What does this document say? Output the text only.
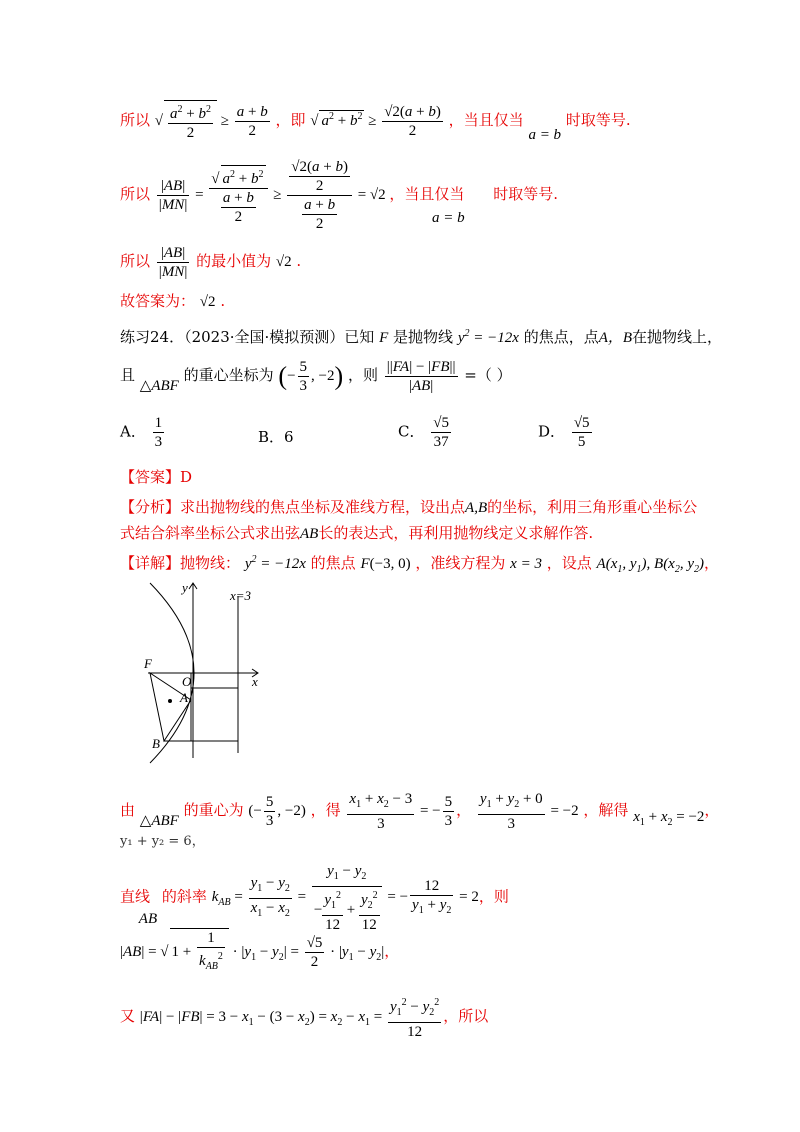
所以 √ $\frac{a^2 + b^2}{2} \ge \frac{a + b}{2}$ ，即 √ $a^2 + b^2 \ge \frac{√2(a + b)}{2}$ ，当且仅当 a = b 时取等号.
所以 $\frac{|AB|}{|MN|} = \frac{√ a^2 + b^2}{\frac{a + b}{2}} \ge \frac{\frac{√2(a + b)}{2}}{\frac{a + b}{2}} = √2$ ，当且仅当 时取等号.
a = b
所以 $\frac{|AB|}{|MN|}$ 的最小值为 √2 .
故答案为： √2 .
练习24．（2023·全国·模拟预测）已知 F 是抛物线 $y^2 = -12x$ 的焦点，点A，B在抛物线上，
且 △ABF 的重心坐标为 (− $\frac{5}{3}$ , −2) ，则 $\frac{||FA| - |FB||}{|AB|}$ =（ ）
A． $\frac{1}{3}$	B．6	C． $\frac{√5}{37}$	D． $\frac{√5}{5}$
【答案】D
【分析】求出抛物线的焦点坐标及准线方程，设出点A,B的坐标，利用三角形重心坐标公
式结合斜率坐标公式求出弦AB长的表达式，再利用抛物线定义求解作答.
【详解】抛物线： $y^2 = -12x$ 的焦点 F(−3, 0) ，准线方程为 x = 3 ，设点 $A(x_1$, $y_1$), $B(x_2$, $y_2$)，
y
x
x=3
F
O
A
B
由 △ABF 的重心为 (− $\frac{5}{3}$ , −2) ，得 $\frac{x_1 + x_2 - 3}{3}$ = − $\frac{5}{3}$ ， $\frac{y_1 + y_2 + 0}{3} = -2$ ，解得 $x_1 + x_2 = -2$，
y₁ + y₂ = 6，
直线 AB 的斜率 $k_{AB} = \frac{y_1 - y_2}{x_1 - x_2} = \frac{y_1 - y_2}{- \frac{y_1^2}{12} + \frac{y_2^2}{12}}$ = − $\frac{12}{y_1 + y_2} = 2$，则
|AB| = √ $1 + \frac{1}{k_{AB}^2} \cdot |y_1 - y_2| = \frac{√5}{2} \cdot |y_1 - y_2|$，
又 $|FA| - |FB| = 3 - x_1 - (3 - x_2) = x_2 - x_1 = \frac{y_1^2 - y_2^2}{12}$ ，所以
